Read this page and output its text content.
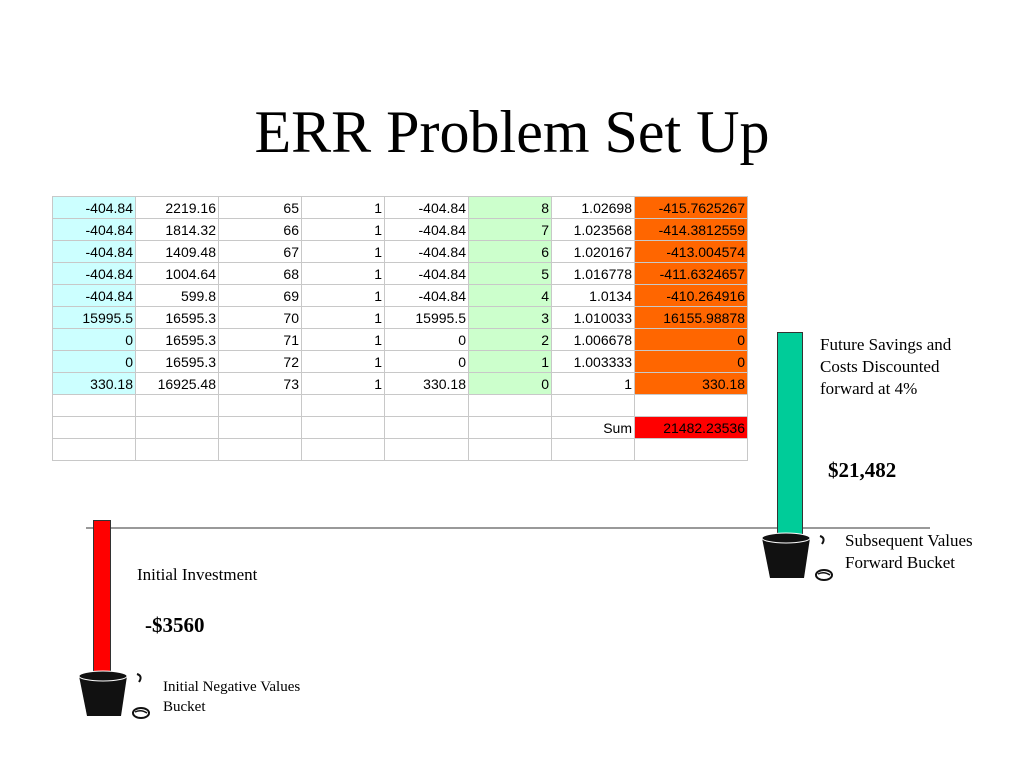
ERR Problem Set Up
-404.84	2219.16	65	1	-404.84	8	1.02698	-415.7625267
-404.84	1814.32	66	1	-404.84	7	1.023568	-414.3812559
-404.84	1409.48	67	1	-404.84	6	1.020167	-413.004574
-404.84	1004.64	68	1	-404.84	5	1.016778	-411.6324657
-404.84	599.8	69	1	-404.84	4	1.0134	-410.264916
15995.5	16595.3	70	1	15995.5	3	1.010033	16155.98878
0	16595.3	71	1	0	2	1.006678	0
0	16595.3	72	1	0	1	1.003333	0
330.18	16925.48	73	1	330.18	0	1	330.18

						Sum	21482.23536

Future Savings and
Costs Discounted
forward at 4%
$21,482
Subsequent Values
Forward Bucket
Initial Investment
-$3560
Initial Negative Values
Bucket
